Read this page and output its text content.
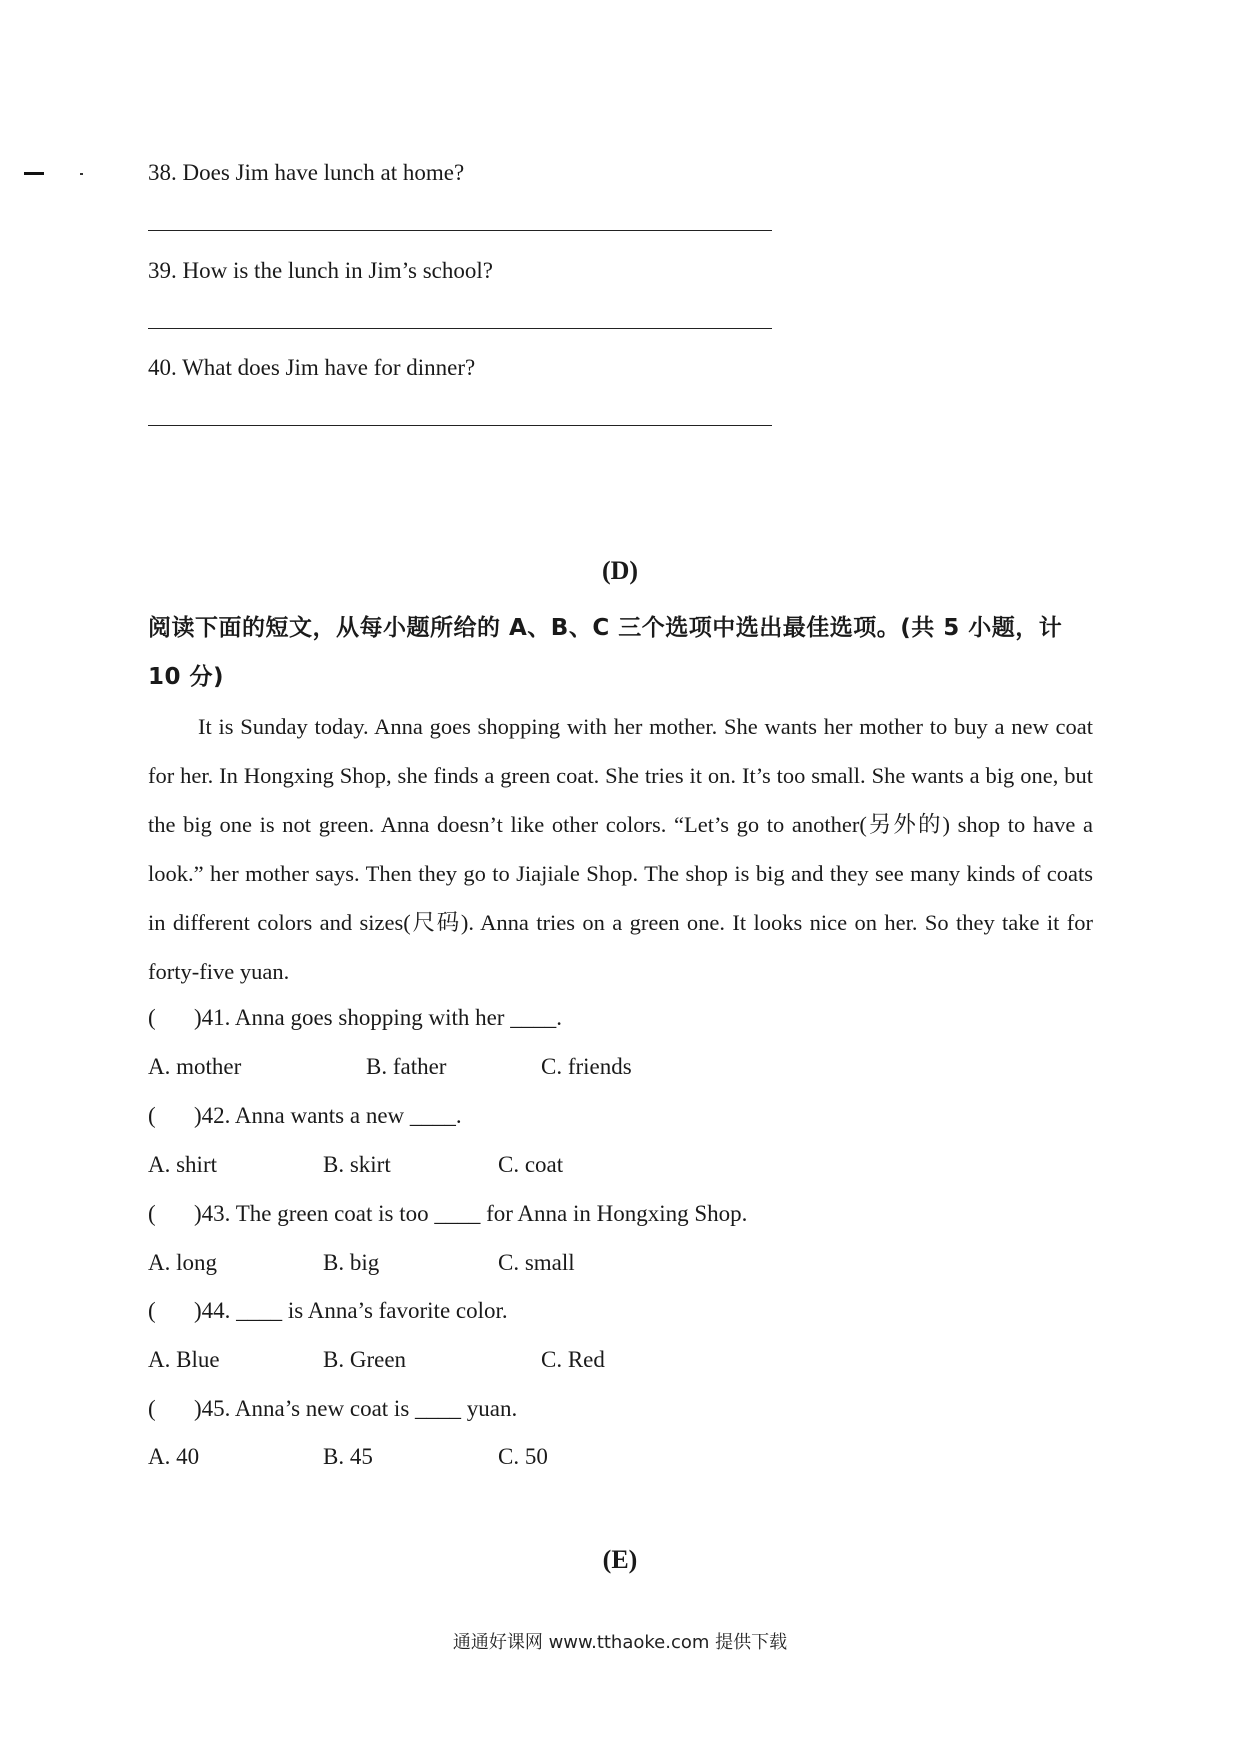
38. Does Jim have lunch at home?
39. How is the lunch in Jim’s school?
40. What does Jim have for dinner?
(D)
阅读下面的短文，从每小题所给的 A、B、C 三个选项中选出最佳选项。(共 5 小题，计 10 分)
It is Sunday today. Anna goes shopping with her mother. She wants her mother to buy a new coat for her. In Hongxing Shop, she finds a green coat. She tries it on. It’s too small. She wants a big one, but the big one is not green. Anna doesn’t like other colors. “Let’s go to another(另外的) shop to have a look.” her mother says. Then they go to Jiajiale Shop. The shop is big and they see many kinds of coats in different colors and sizes(尺码). Anna tries on a green one. It looks nice on her. So they take it for forty-five yuan.
( )41. Anna goes shopping with her ____.
A. mother	B. father	C. friends
( )42. Anna wants a new ____.
A. shirt	B. skirt	C. coat
( )43. The green coat is too ____ for Anna in Hongxing Shop.
A. long	B. big	C. small
( )44. ____ is Anna’s favorite color.
A. Blue	B. Green	C. Red
( )45. Anna’s new coat is ____ yuan.
A. 40	B. 45	C. 50
(E)
通通好课网 www.tthaoke.com 提供下载
